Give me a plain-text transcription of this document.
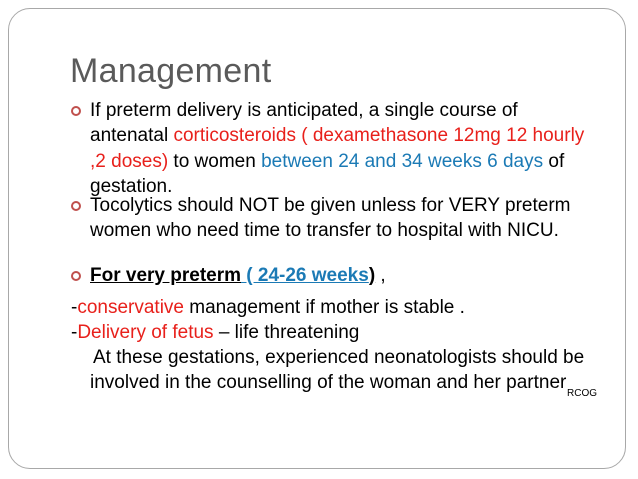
Management
If preterm delivery is anticipated, a single course of
antenatal corticosteroids ( dexamethasone 12mg 12 hourly
,2 doses) to women between 24 and 34 weeks 6 days of
gestation.
Tocolytics should NOT be given unless for VERY preterm
women who need time to transfer to hospital with NICU.
For very preterm ( 24-26 weeks) ,
-conservative management if mother is stable .
-Delivery of fetus – life threatening
At these gestations, experienced neonatologists should be
involved in the counselling of the woman and her partner
RCOG
